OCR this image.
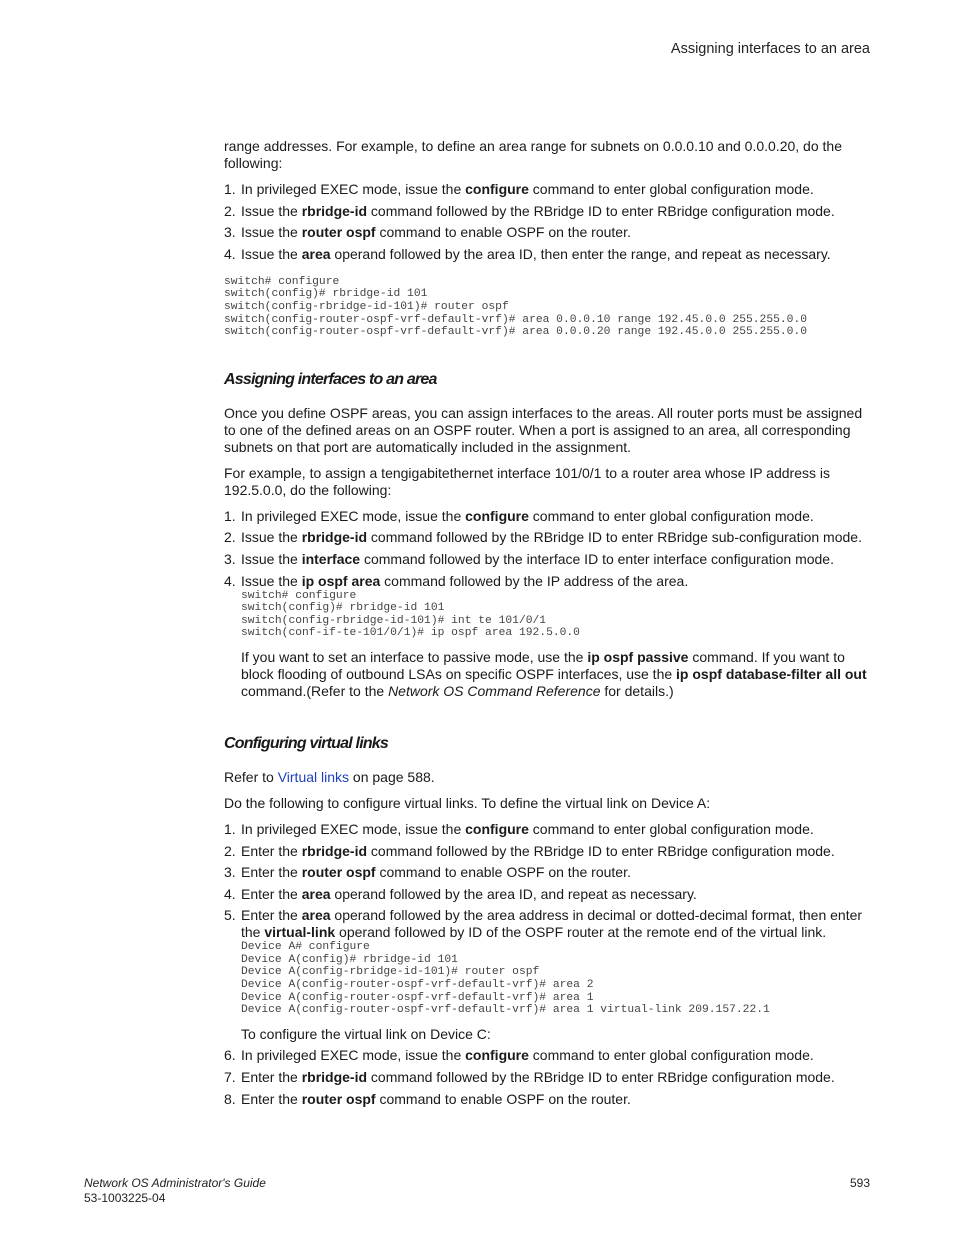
Assigning interfaces to an area

range addresses. For example, to define an area range for subnets on 0.0.0.10 and 0.0.0.20, do the following:

1. In privileged EXEC mode, issue the configure command to enter global configuration mode.
2. Issue the rbridge-id command followed by the RBridge ID to enter RBridge configuration mode.
3. Issue the router ospf command to enable OSPF on the router.
4. Issue the area operand followed by the area ID, then enter the range, and repeat as necessary.
switch# configure
switch(config)# rbridge-id 101
switch(config-rbridge-id-101)# router ospf
switch(config-router-ospf-vrf-default-vrf)# area 0.0.0.10 range 192.45.0.0 255.255.0.0
switch(config-router-ospf-vrf-default-vrf)# area 0.0.0.20 range 192.45.0.0 255.255.0.0
Assigning interfaces to an area

Once you define OSPF areas, you can assign interfaces to the areas. All router ports must be assigned to one of the defined areas on an OSPF router. When a port is assigned to an area, all corresponding subnets on that port are automatically included in the assignment.

For example, to assign a tengigabitethernet interface 101/0/1 to a router area whose IP address is 192.5.0.0, do the following:

1. In privileged EXEC mode, issue the configure command to enter global configuration mode.
2. Issue the rbridge-id command followed by the RBridge ID to enter RBridge sub-configuration mode.
3. Issue the interface command followed by the interface ID to enter interface configuration mode.
4. Issue the ip ospf area command followed by the IP address of the area.
switch# configure
switch(config)# rbridge-id 101
switch(config-rbridge-id-101)# int te 101/0/1
switch(conf-if-te-101/0/1)# ip ospf area 192.5.0.0

If you want to set an interface to passive mode, use the ip ospf passive command. If you want to block flooding of outbound LSAs on specific OSPF interfaces, use the ip ospf database-filter all out command.(Refer to the Network OS Command Reference for details.)

Configuring virtual links

Refer to Virtual links on page 588.

Do the following to configure virtual links. To define the virtual link on Device A:

1. In privileged EXEC mode, issue the configure command to enter global configuration mode.
2. Enter the rbridge-id command followed by the RBridge ID to enter RBridge configuration mode.
3. Enter the router ospf command to enable OSPF on the router.
4. Enter the area operand followed by the area ID, and repeat as necessary.
5. Enter the area operand followed by the area address in decimal or dotted-decimal format, then enter the virtual-link operand followed by ID of the OSPF router at the remote end of the virtual link.
Device A# configure
Device A(config)# rbridge-id 101
Device A(config-rbridge-id-101)# router ospf
Device A(config-router-ospf-vrf-default-vrf)# area 2
Device A(config-router-ospf-vrf-default-vrf)# area 1
Device A(config-router-ospf-vrf-default-vrf)# area 1 virtual-link 209.157.22.1

To configure the virtual link on Device C:

6. In privileged EXEC mode, issue the configure command to enter global configuration mode.
7. Enter the rbridge-id command followed by the RBridge ID to enter RBridge configuration mode.
8. Enter the router ospf command to enable OSPF on the router.
Network OS Administrator's Guide
53-1003225-04
593
